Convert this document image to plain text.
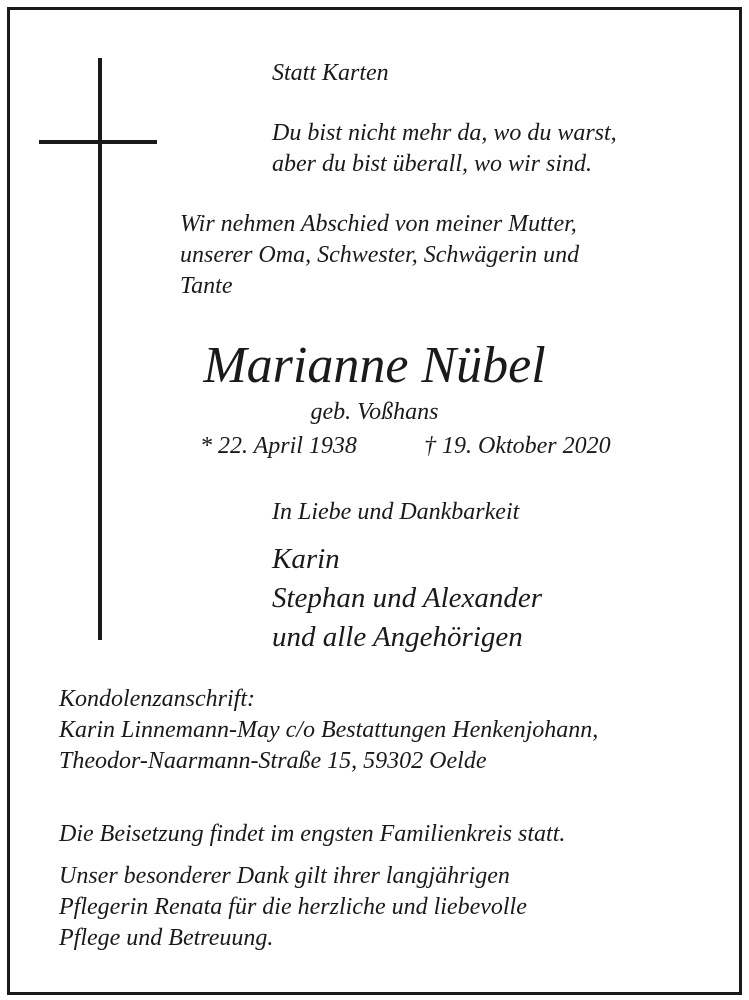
Statt Karten
Du bist nicht mehr da, wo du warst,
aber du bist überall, wo wir sind.
Wir nehmen Abschied von meiner Mutter,
unserer Oma, Schwester, Schwägerin und
Tante
Marianne Nübel
geb. Voßhans
* 22. April 1938	† 19. Oktober 2020
In Liebe und Dankbarkeit
Karin
Stephan und Alexander
und alle Angehörigen
Kondolenzanschrift:
Karin Linnemann-May c/o Bestattungen Henkenjohann,
Theodor-Naarmann-Straße 15, 59302 Oelde
Die Beisetzung findet im engsten Familienkreis statt.
Unser besonderer Dank gilt ihrer langjährigen
Pflegerin Renata für die herzliche und liebevolle
Pflege und Betreuung.
